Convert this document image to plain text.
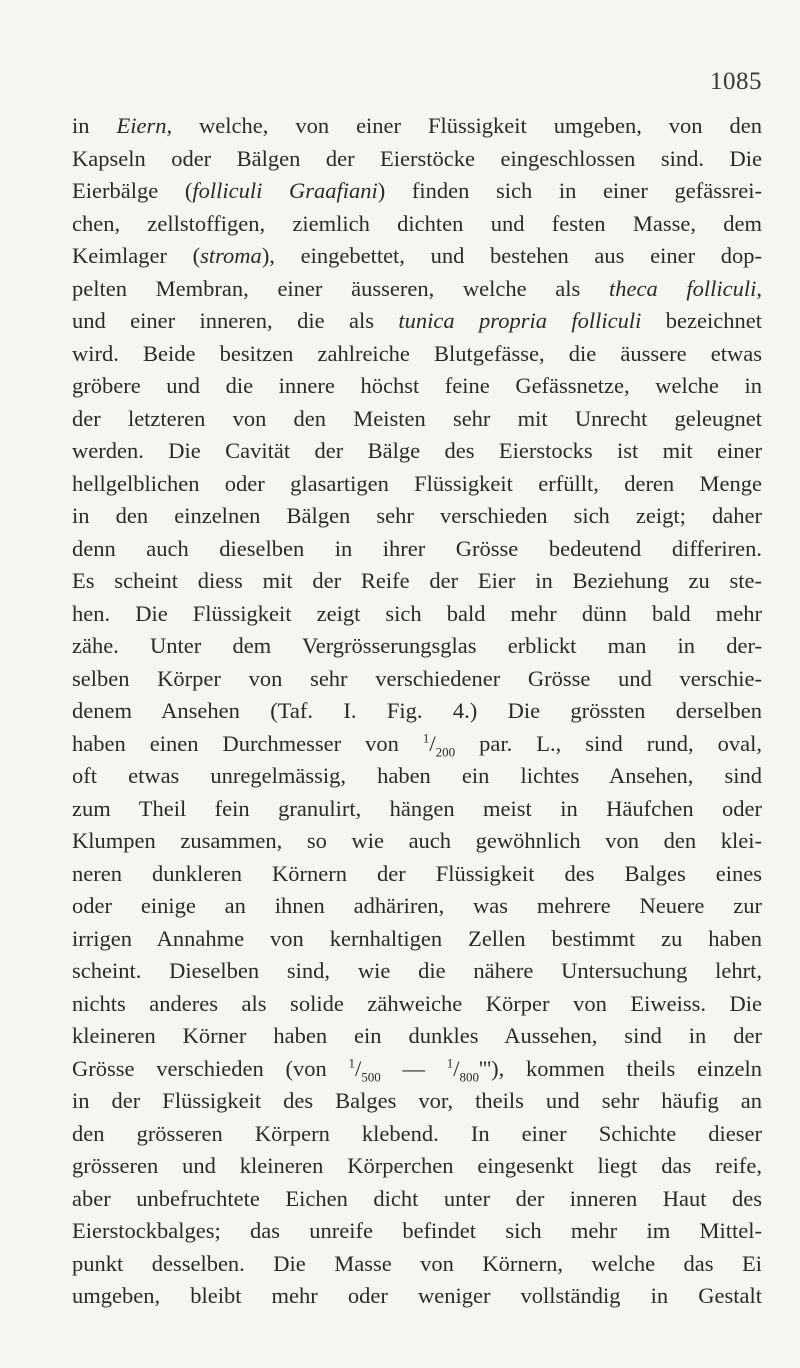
1085
in Eiern, welche, von einer Flüssigkeit umgeben, von den
Kapseln oder Bälgen der Eierstöcke eingeschlossen sind. Die
Eierbälge (folliculi Graafiani) finden sich in einer gefässrei-
chen, zellstoffigen, ziemlich dichten und festen Masse, dem
Keimlager (stroma), eingebettet, und bestehen aus einer dop-
pelten Membran, einer äusseren, welche als theca folliculi,
und einer inneren, die als tunica propria folliculi bezeichnet
wird. Beide besitzen zahlreiche Blutgefässe, die äussere etwas
gröbere und die innere höchst feine Gefässnetze, welche in
der letzteren von den Meisten sehr mit Unrecht geleugnet
werden. Die Cavität der Bälge des Eierstocks ist mit einer
hellgelblichen oder glasartigen Flüssigkeit erfüllt, deren Menge
in den einzelnen Bälgen sehr verschieden sich zeigt; daher
denn auch dieselben in ihrer Grösse bedeutend differiren.
Es scheint diess mit der Reife der Eier in Beziehung zu ste-
hen. Die Flüssigkeit zeigt sich bald mehr dünn bald mehr
zähe. Unter dem Vergrösserungsglas erblickt man in der-
selben Körper von sehr verschiedener Grösse und verschie-
denem Ansehen (Taf. I. Fig. 4.) Die grössten derselben
haben einen Durchmesser von $^1/_{200}$ par. L., sind rund, oval,
oft etwas unregelmässig, haben ein lichtes Ansehen, sind
zum Theil fein granulirt, hängen meist in Häufchen oder
Klumpen zusammen, so wie auch gewöhnlich von den klei-
neren dunkleren Körnern der Flüssigkeit des Balges eines
oder einige an ihnen adhäriren, was mehrere Neuere zur
irrigen Annahme von kernhaltigen Zellen bestimmt zu haben
scheint. Dieselben sind, wie die nähere Untersuchung lehrt,
nichts anderes als solide zähweiche Körper von Eiweiss. Die
kleineren Körner haben ein dunkles Aussehen, sind in der
Grösse verschieden (von $^1/_{500}$ — $^1/_{800}'''$), kommen theils einzeln
in der Flüssigkeit des Balges vor, theils und sehr häufig an
den grösseren Körpern klebend. In einer Schichte dieser
grösseren und kleineren Körperchen eingesenkt liegt das reife,
aber unbefruchtete Eichen dicht unter der inneren Haut des
Eierstockbalges; das unreife befindet sich mehr im Mittel-
punkt desselben. Die Masse von Körnern, welche das Ei
umgeben, bleibt mehr oder weniger vollständig in Gestalt
